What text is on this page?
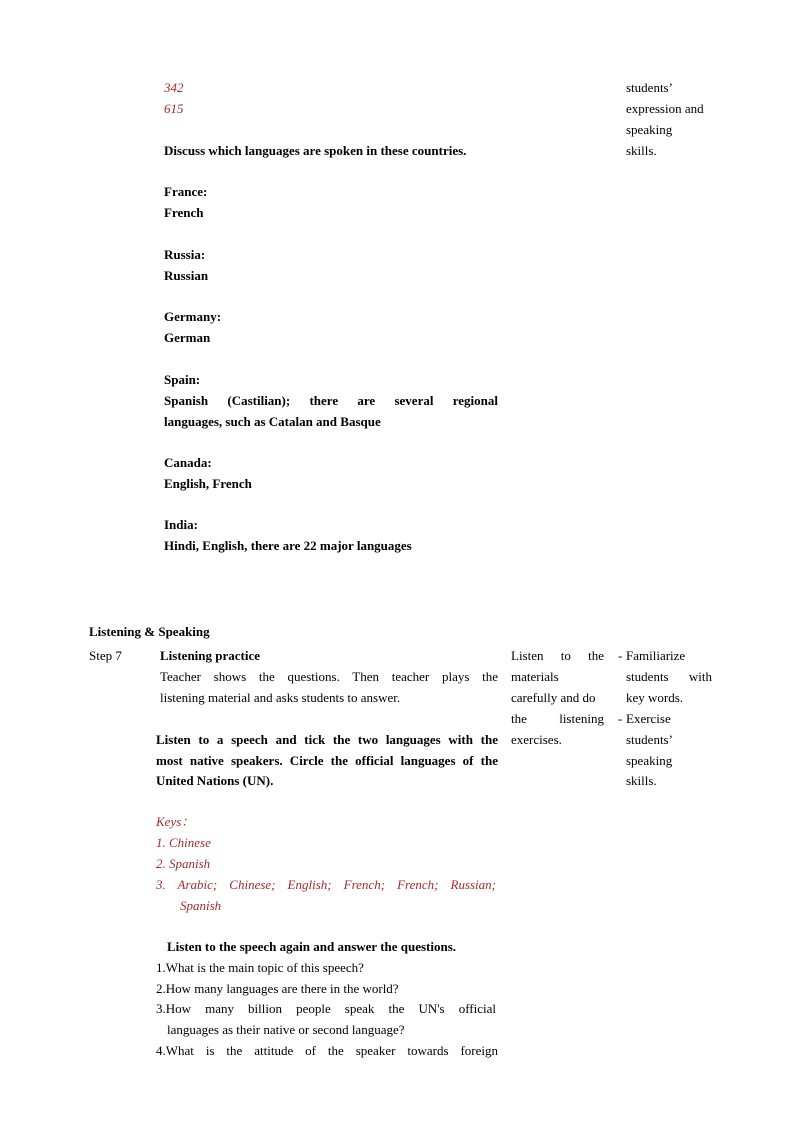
342
615
students’
expression and
speaking
skills.
Discuss which languages are spoken in these countries.
France:
French
Russia:
Russian
Germany:
German
Spain:
Spanish (Castilian); there are several regional
languages, such as Catalan and Basque
Canada:
English, French
India:
Hindi, English, there are 22 major languages
Listening & Speaking
Step 7	Listening practice
Teacher shows the questions. Then teacher plays the
listening material and asks students to answer.
Listen to a speech and tick the two languages with the
most native speakers. Circle the official languages of the
United Nations (UN).
Keys：
1. Chinese
2. Spanish
3. Arabic; Chinese; English; French; French; Russian;
Spanish
Listen to the speech again and answer the questions.
1.What is the main topic of this speech?
2.How many languages are there in the world?
3.How many billion people speak the UN's official
languages as their native or second language?
4.What is the attitude of the speaker towards foreign
Listen to the
materials
carefully and do
the listening
exercises.
- Familiarize
students with
key words.
- Exercise
students’
speaking
skills.
